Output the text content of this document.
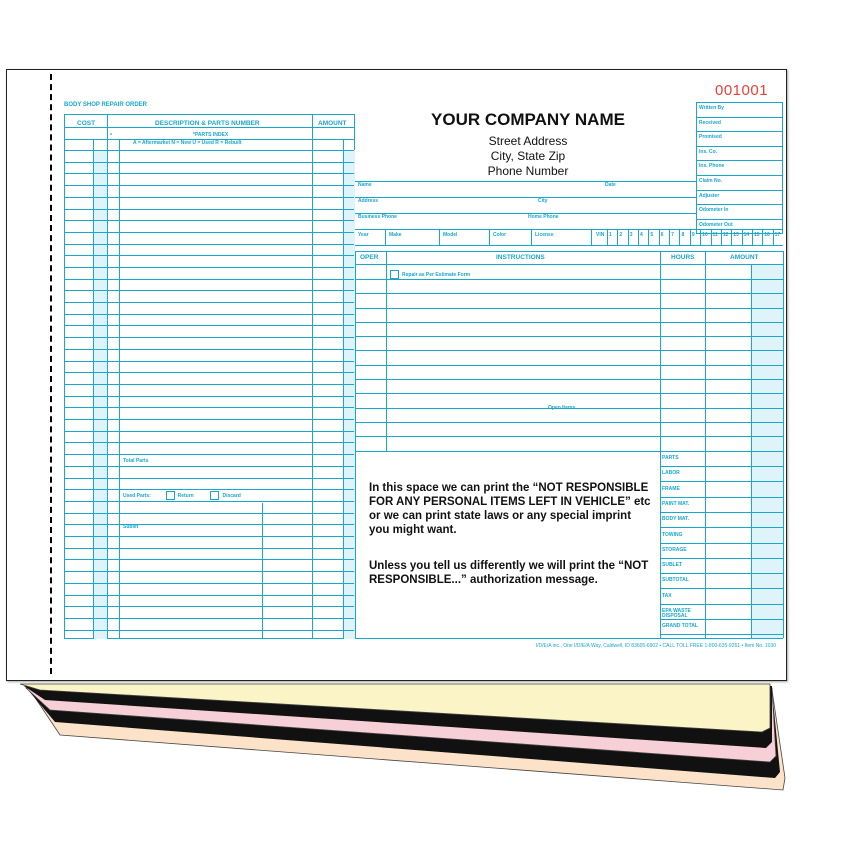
BODY SHOP REPAIR ORDER
001001
COST	DESCRIPTION & PARTS NUMBER	AMOUNT
*	*PARTS INDEX
A = Aftermarket N = New U = Used R = Rebuilt
Total Parts
Used Parts:	Return	Discard
Sublet
YOUR COMPANY NAME
Street Address
City, State Zip
Phone Number
Written By
Received
Promised
Ins. Co.
Ins. Phone
Claim No.
Adjuster
Odometer In
Odometer Out
Name	Date
Address	City
Business Phone	Home Phone
Year	Make	Model	Color	License	VIN 1	2	3	4	5	6	7	8	9	10 11	12 13 14 15 16 17
OPER	INSTRUCTIONS	HOURS	AMOUNT
Repair as Per Estimate Form
Open Items
PARTS
LABOR
FRAME
PAINT MAT.
BODY MAT.
TOWING
STORAGE
SUBLET
SUBTOTAL
TAX
EPA WASTE DISPOSAL
GRAND TOTAL
In this space we can print the “NOT RESPONSIBLE FOR ANY PERSONAL ITEMS LEFT IN VEHICLE” etc or we can print state laws or any special imprint you might want.
Unless you tell us differently we will print the “NOT RESPONSIBLE...” authorization message.
I/D/E/A inc., One I/D/E/A Way, Caldwell, ID 83605-6902 • CALL TOLL FREE 1-800-635-9261 • Item No. 1030
